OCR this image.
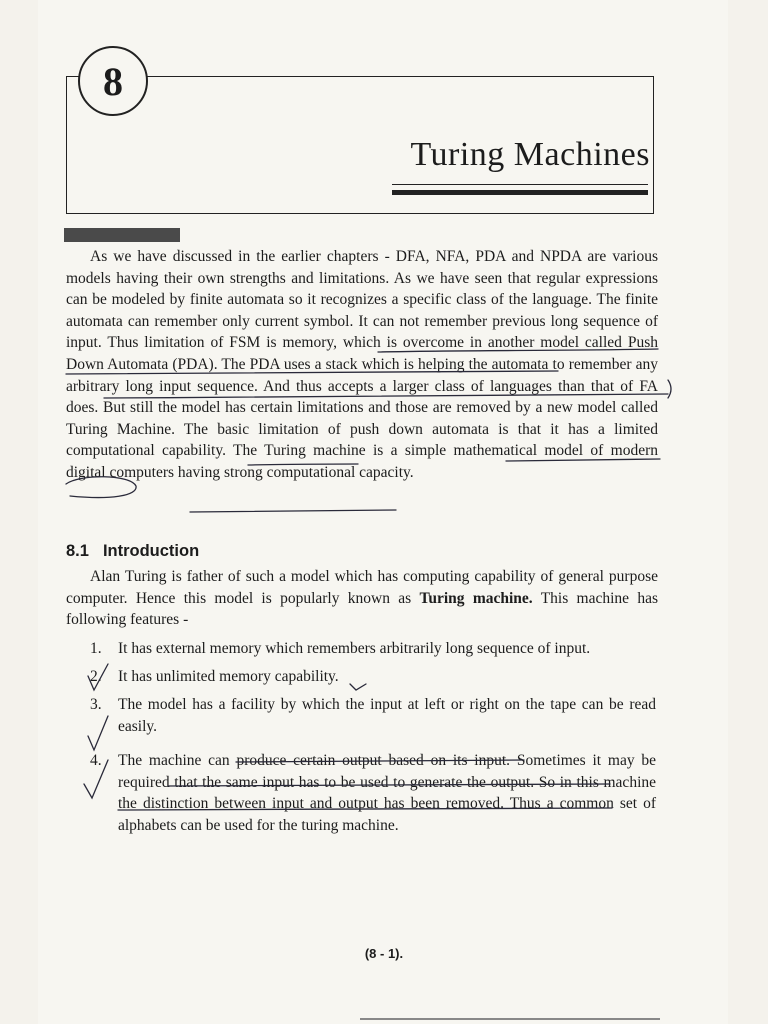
8
Turing Machines

As we have discussed in the earlier chapters - DFA, NFA, PDA and NPDA are various models having their own strengths and limitations. As we have seen that regular expressions can be modeled by finite automata so it recognizes a specific class of the language. The finite automata can remember only current symbol. It can not remember previous long sequence of input. Thus limitation of FSM is memory, which is overcome in another model called Push Down Automata (PDA). The PDA uses a stack which is helping the automata to remember any arbitrary long input sequence. And thus accepts a larger class of languages than that of FA does. But still the model has certain limitations and those are removed by a new model called Turing Machine. The basic limitation of push down automata is that it has a limited computational capability. The Turing machine is a simple mathematical model of modern digital computers having strong computational capacity.

8.1 Introduction

Alan Turing is father of such a model which has computing capability of general purpose computer. Hence this model is popularly known as Turing machine. This machine has following features -

1. It has external memory which remembers arbitrarily long sequence of input.
2. It has unlimited memory capability.
3. The model has a facility by which the input at left or right on the tape can be read easily.
4. The machine can produce certain output based on its input. Sometimes it may be required that the same input has to be used to generate the output. So in this machine the distinction between input and output has been removed. Thus a common set of alphabets can be used for the turing machine.
(8 - 1).
